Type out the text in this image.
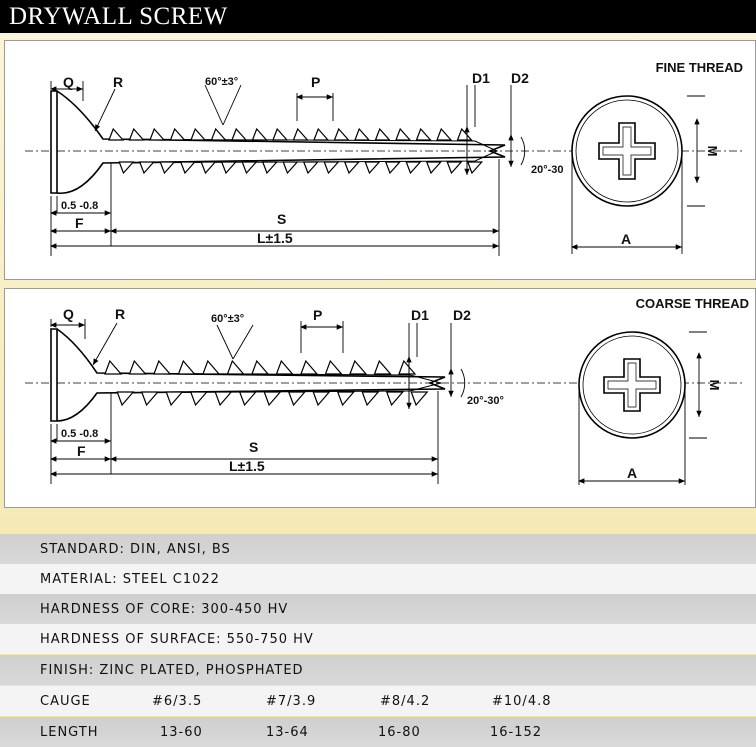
DRYWALL SCREW
FINE THREAD
Q	R	60°±3°	P	D1 D2
20°-30
0.5 -0.8
F	S
L±1.5
M
A
COARSE THREAD
Q	R	60°±3°	P	D1 D2
20°-30°
0.5 -0.8
F	S
L±1.5
M
A
STANDARD: DIN, ANSI, BS
MATERIAL: STEEL C1022
HARDNESS OF CORE: 300-450 HV
HARDNESS OF SURFACE: 550-750 HV
FINISH: ZINC PLATED, PHOSPHATED
CAUGE	#6/3.5	#7/3.9	#8/4.2	#10/4.8
LENGTH	13-60	13-64	16-80	16-152
